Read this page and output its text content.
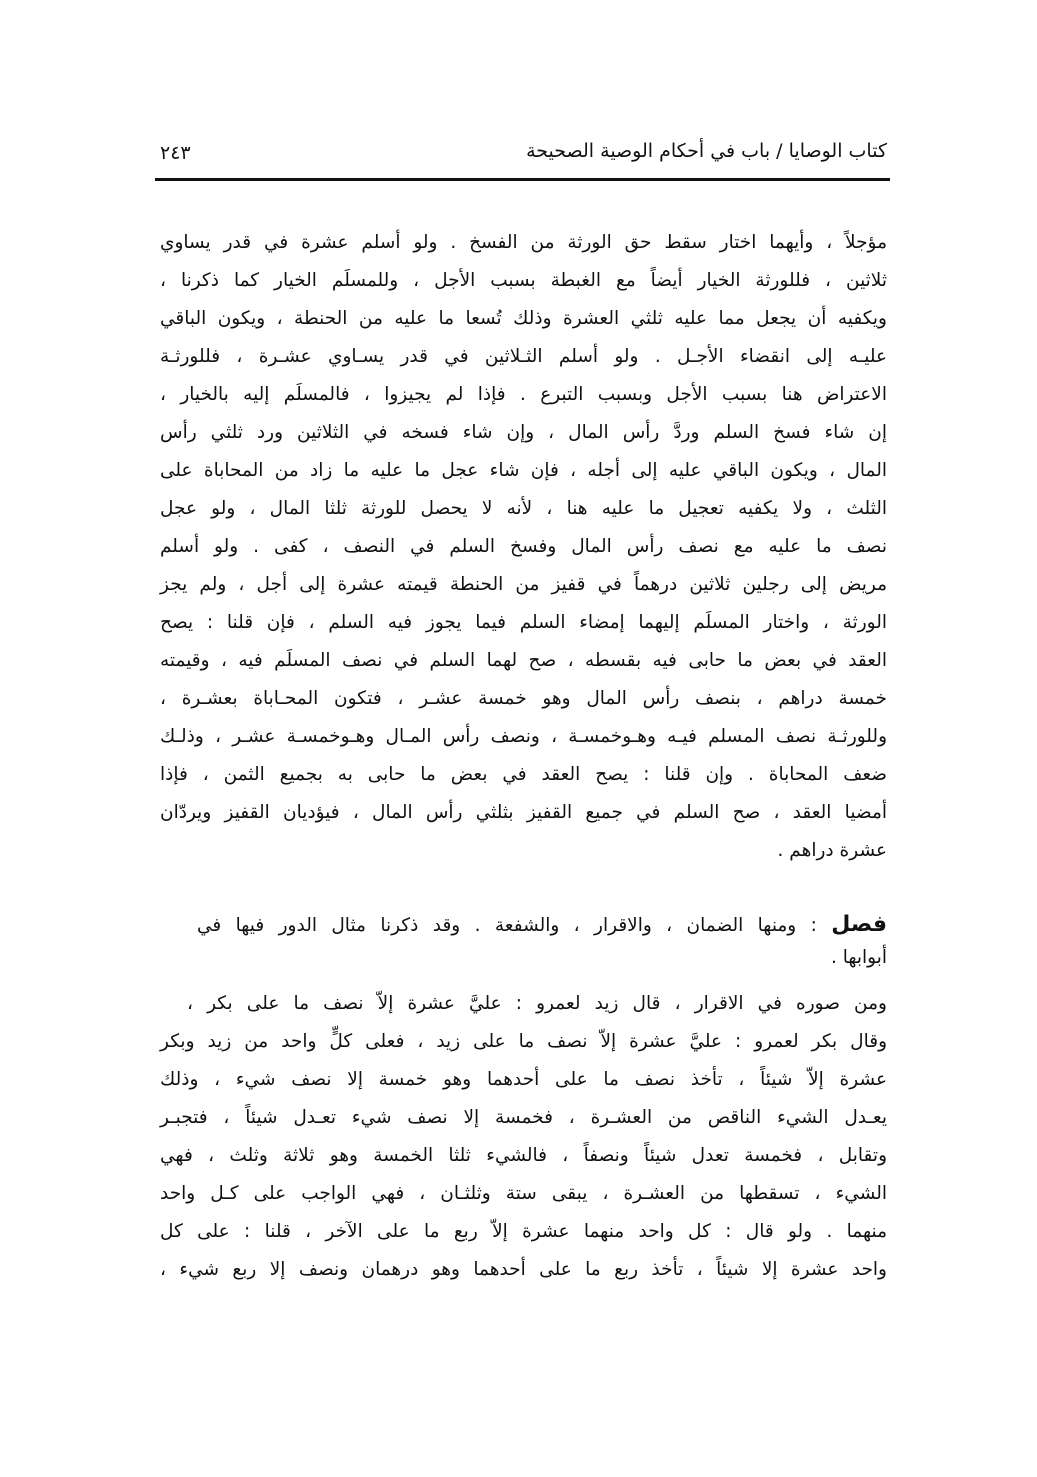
كتاب الوصايا / باب في أحكام الوصية الصحيحة
٢٤٣
مؤجلاً ، وأيهما اختار سقط حق الورثة من الفسخ . ولو أسلم عشرة في قدر يساوي
ثلاثين ، فللورثة الخيار أيضاً مع الغبطة بسبب الأجل ، وللمسلَم الخيار كما ذكرنا ،
ويكفيه أن يجعل مما عليه ثلثي العشرة وذلك تُسعا ما عليه من الحنطة ، ويكون الباقي
عليـه إلى انقضاء الأجـل . ولو أسلم الثـلاثين في قدر يسـاوي عشـرة ، فللورثـة
الاعتراض هنا بسبب الأجل وبسبب التبرع . فإذا لم يجيزوا ، فالمسلَم إليه بالخيار ،
إن شاء فسخ السلم وردَّ رأس المال ، وإن شاء فسخه في الثلاثين ورد ثلثي رأس
المال ، ويكون الباقي عليه إلى أجله ، فإن شاء عجل ما عليه ما زاد من المحاباة على
الثلث ، ولا يكفيه تعجيل ما عليه هنا ، لأنه لا يحصل للورثة ثلثا المال ، ولو عجل
نصف ما عليه مع نصف رأس المال وفسخ السلم في النصف ، كفى . ولو أسلم
مريض إلى رجلين ثلاثين درهماً في قفيز من الحنطة قيمته عشرة إلى أجل ، ولم يجز
الورثة ، واختار المسلَم إليهما إمضاء السلم فيما يجوز فيه السلم ، فإن قلنا : يصح
العقد في بعض ما حابى فيه بقسطه ، صح لهما السلم في نصف المسلَم فيه ، وقيمته
خمسة دراهم ، بنصف رأس المال وهو خمسة عشـر ، فتكون المحـاباة بعشـرة ،
وللورثـة نصف المسلم فيـه وهـوخمسـة ، ونصف رأس المـال وهـوخمسـة عشـر ، وذلـك
ضعف المحاباة . وإن قلنا : يصح العقد في بعض ما حابى به بجميع الثمن ، فإذا
أمضيا العقد ، صح السلم في جميع القفيز بثلثي رأس المال ، فيؤديان القفيز ويردّان
عشرة دراهم .
فصل : ومنها الضمان ، والاقرار ، والشفعة . وقد ذكرنا مثال الدور فيها في
أبوابها .
ومن صوره في الاقرار ، قال زيد لعمرو : عليَّ عشرة إلاّ نصف ما على بكر ،
وقال بكر لعمرو : عليَّ عشرة إلاّ نصف ما على زيد ، فعلى كلٍّ واحد من زيد وبكر
عشرة إلاّ شيئاً ، تأخذ نصف ما على أحدهما وهو خمسة إلا نصف شيء ، وذلك
يعـدل الشيء الناقص من العشـرة ، فخمسة إلا نصف شيء تعـدل شيئاً ، فتجبـر
وتقابل ، فخمسة تعدل شيئاً ونصفاً ، فالشيء ثلثا الخمسة وهو ثلاثة وثلث ، فهي
الشيء ، تسقطها من العشـرة ، يبقى ستة وثلثـان ، فهي الواجب على كـل واحد
منهما . ولو قال : كل واحد منهما عشرة إلاّ ربع ما على الآخر ، قلنا : على كل
واحد عشرة إلا شيئاً ، تأخذ ربع ما على أحدهما وهو درهمان ونصف إلا ربع شيء ،
